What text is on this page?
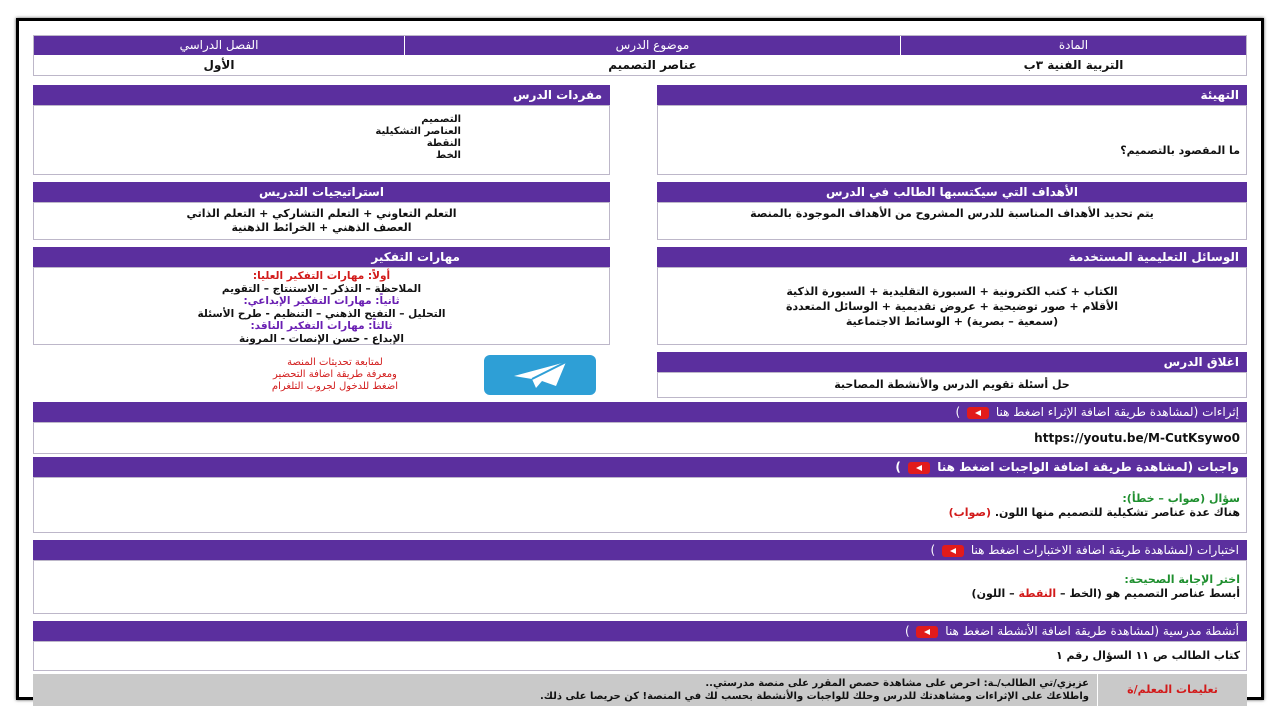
المادة
التربية الفنية ٣ب
موضوع الدرس
عناصر التصميم
الفصل الدراسي
الأول
التهيئة
ما المقصود بالتصميم؟
الأهداف التي سيكتسبها الطالب في الدرس
يتم تحديد الأهداف المناسبة للدرس المشروح من الأهداف الموجودة بالمنصة
الوسائل التعليمية المستخدمة
الكتاب + كتب الكترونية + السبورة التقليدية + السبورة الذكية
الأقلام + صور توضيحية + عروض تقديمية + الوسائل المتعددة
(سمعية – بصرية) + الوسائط الاجتماعية
اغلاق الدرس
حل أسئلة تقويم الدرس والأنشطة المصاحبة
مفردات الدرس
التصميم
العناصر التشكيلية
النقطة
الخط
استراتيجيات التدريس
التعلم التعاوني + التعلم التشاركي + التعلم الذاتي
العصف الذهني + الخرائط الذهنية
مهارات التفكير
أولاً: مهارات التفكير العليا:
الملاحظة – التذكر – الاستنتاج – التقويم
ثانياً: مهارات التفكير الإبداعي:
التحليل – التفتح الذهني – التنظيم - طرح الأسئلة
ثالثاً: مهارات التفكير الناقد:
الإبداع - حسن الإنصات - المرونة
لمتابعة تحديثات المنصة
ومعرفة طريقة اضافة التحضير
اضغط للدخول لجروب التلغرام
إثراءات (لمشاهدة طريقة اضافة الإثراء اضغط هنا  )
https://youtu.be/M-CutKsywo0
واجبات (لمشاهدة طريقة اضافة الواجبات اضغط هنا  )
سؤال (صواب – خطأ):
هناك عدة عناصر تشكيلية للتصميم منها اللون. (صواب)
اختبارات (لمشاهدة طريقة اضافة الاختبارات اضغط هنا  )
اختر الإجابة الصحيحة:
أبسط عناصر التصميم هو (الخط – النقطة – اللون)
أنشطة مدرسية (لمشاهدة طريقة اضافة الأنشطة اضغط هنا  )
كتاب الطالب ص ١١ السؤال رقم ١
تعليمات المعلم/ة
عزيزي/تي الطالب/ـة: احرص على مشاهدة حصص المقرر على منصة مدرستي..
واطلاعك على الإثراءات ومشاهدتك للدرس وحلك للواجبات والأنشطة بحسب لك في المنصة! كن حريصا على ذلك.
